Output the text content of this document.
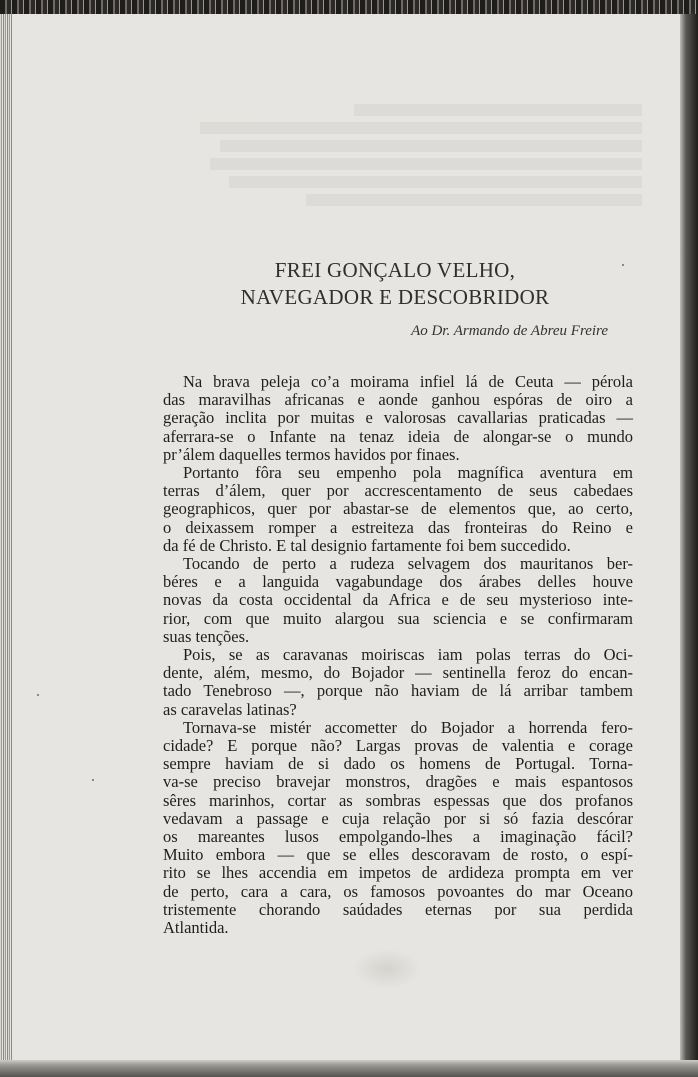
FREI GONÇALO VELHO,
NAVEGADOR E DESCOBRIDOR
Ao Dr. Armando de Abreu Freire
Na brava peleja co’a moirama infiel lá de Ceuta — pérola
das maravilhas africanas e aonde ganhou espóras de oiro a
geração inclita por muitas e valorosas cavallarias praticadas —
aferrara-se o Infante na tenaz ideia de alongar-se o mundo
pr’álem daquelles termos havidos por finaes.
Portanto fôra seu empenho pola magnífica aventura em
terras d’álem, quer por accrescentamento de seus cabedaes
geographicos, quer por abastar-se de elementos que, ao certo,
o deixassem romper a estreiteza das fronteiras do Reino e
da fé de Christo. E tal designio fartamente foi bem succedido.
Tocando de perto a rudeza selvagem dos mauritanos ber-
béres e a languida vagabundage dos árabes delles houve
novas da costa occidental da Africa e de seu mysterioso inte-
rior, com que muito alargou sua sciencia e se confirmaram
suas tenções.
Pois, se as caravanas moiriscas iam polas terras do Oci-
dente, além, mesmo, do Bojador — sentinella feroz do encan-
tado Tenebroso —, porque não haviam de lá arribar tambem
as caravelas latinas?
Tornava-se mistér accometter do Bojador a horrenda fero-
cidade? E porque não? Largas provas de valentia e corage
sempre haviam de si dado os homens de Portugal. Torna-
va-se preciso bravejar monstros, dragões e mais espantosos
sêres marinhos, cortar as sombras espessas que dos profanos
vedavam a passage e cuja relação por si só fazia descórar
os mareantes lusos empolgando-lhes a imaginação fácil?
Muito embora — que se elles descoravam de rosto, o espí-
rito se lhes accendia em impetos de ardideza prompta em ver
de perto, cara a cara, os famosos povoantes do mar Oceano
tristemente chorando saúdades eternas por sua perdida
Atlantida.
